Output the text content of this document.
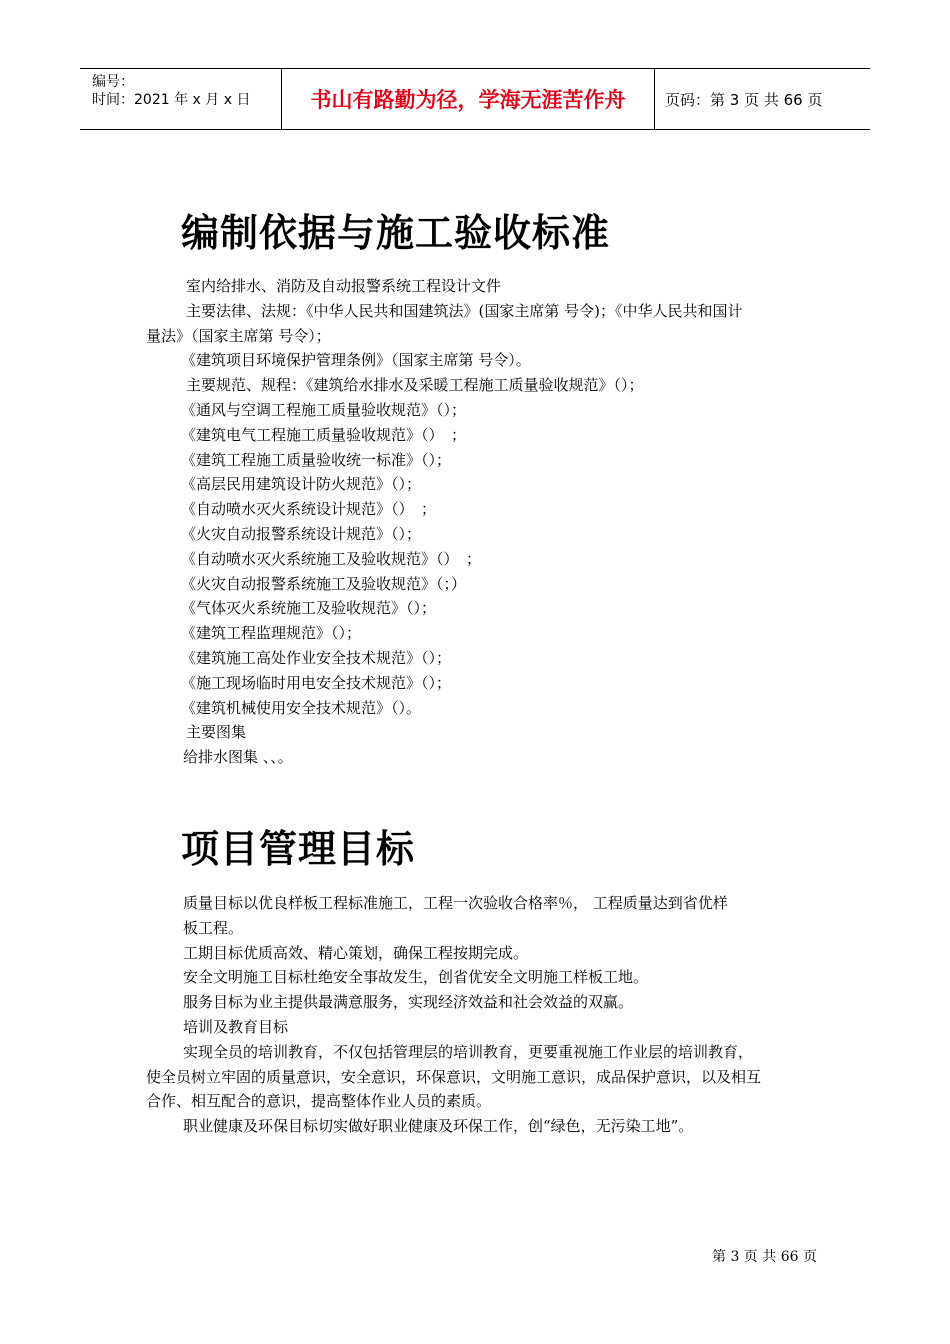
编号：
时间：2021 年 x 月 x 日	书山有路勤为径，学海无涯苦作舟	页码：第 3 页 共 66 页
编制依据与施工验收标准

室内给排水、消防及自动报警系统工程设计文件

主要法律、法规：《中华人民共和国建筑法》(国家主席第 号令)；《中华人民共和国计

量法》（国家主席第 号令）；

《建筑项目环境保护管理条例》（国家主席第 号令）。

主要规范、规程：《建筑给水排水及采暖工程施工质量验收规范》（）；

《通风与空调工程施工质量验收规范》（）；

《建筑电气工程施工质量验收规范》（）　；

《建筑工程施工质量验收统一标准》（）；

《高层民用建筑设计防火规范》（）；

《自动喷水灭火系统设计规范》（）　；

《火灾自动报警系统设计规范》（）；

《自动喷水灭火系统施工及验收规范》（）　；

《火灾自动报警系统施工及验收规范》（；）

《气体灭火系统施工及验收规范》（）；

《建筑工程监理规范》（）；

《建筑施工高处作业安全技术规范》（）；

《施工现场临时用电安全技术规范》（）；

《建筑机械使用安全技术规范》（）。

主要图集

给排水图集 、、。

项目管理目标

质量目标以优良样板工程标准施工，工程一次验收合格率％， 工程质量达到省优样

板工程。

工期目标优质高效、精心策划，确保工程按期完成。

安全文明施工目标杜绝安全事故发生，创省优安全文明施工样板工地。

服务目标为业主提供最满意服务，实现经济效益和社会效益的双赢。

培训及教育目标

实现全员的培训教育，不仅包括管理层的培训教育，更要重视施工作业层的培训教育，

使全员树立牢固的质量意识，安全意识，环保意识，文明施工意识，成品保护意识，以及相互

合作、相互配合的意识，提高整体作业人员的素质。

职业健康及环保目标切实做好职业健康及环保工作，创“绿色，无污染工地”。

第 3 页 共 66 页
